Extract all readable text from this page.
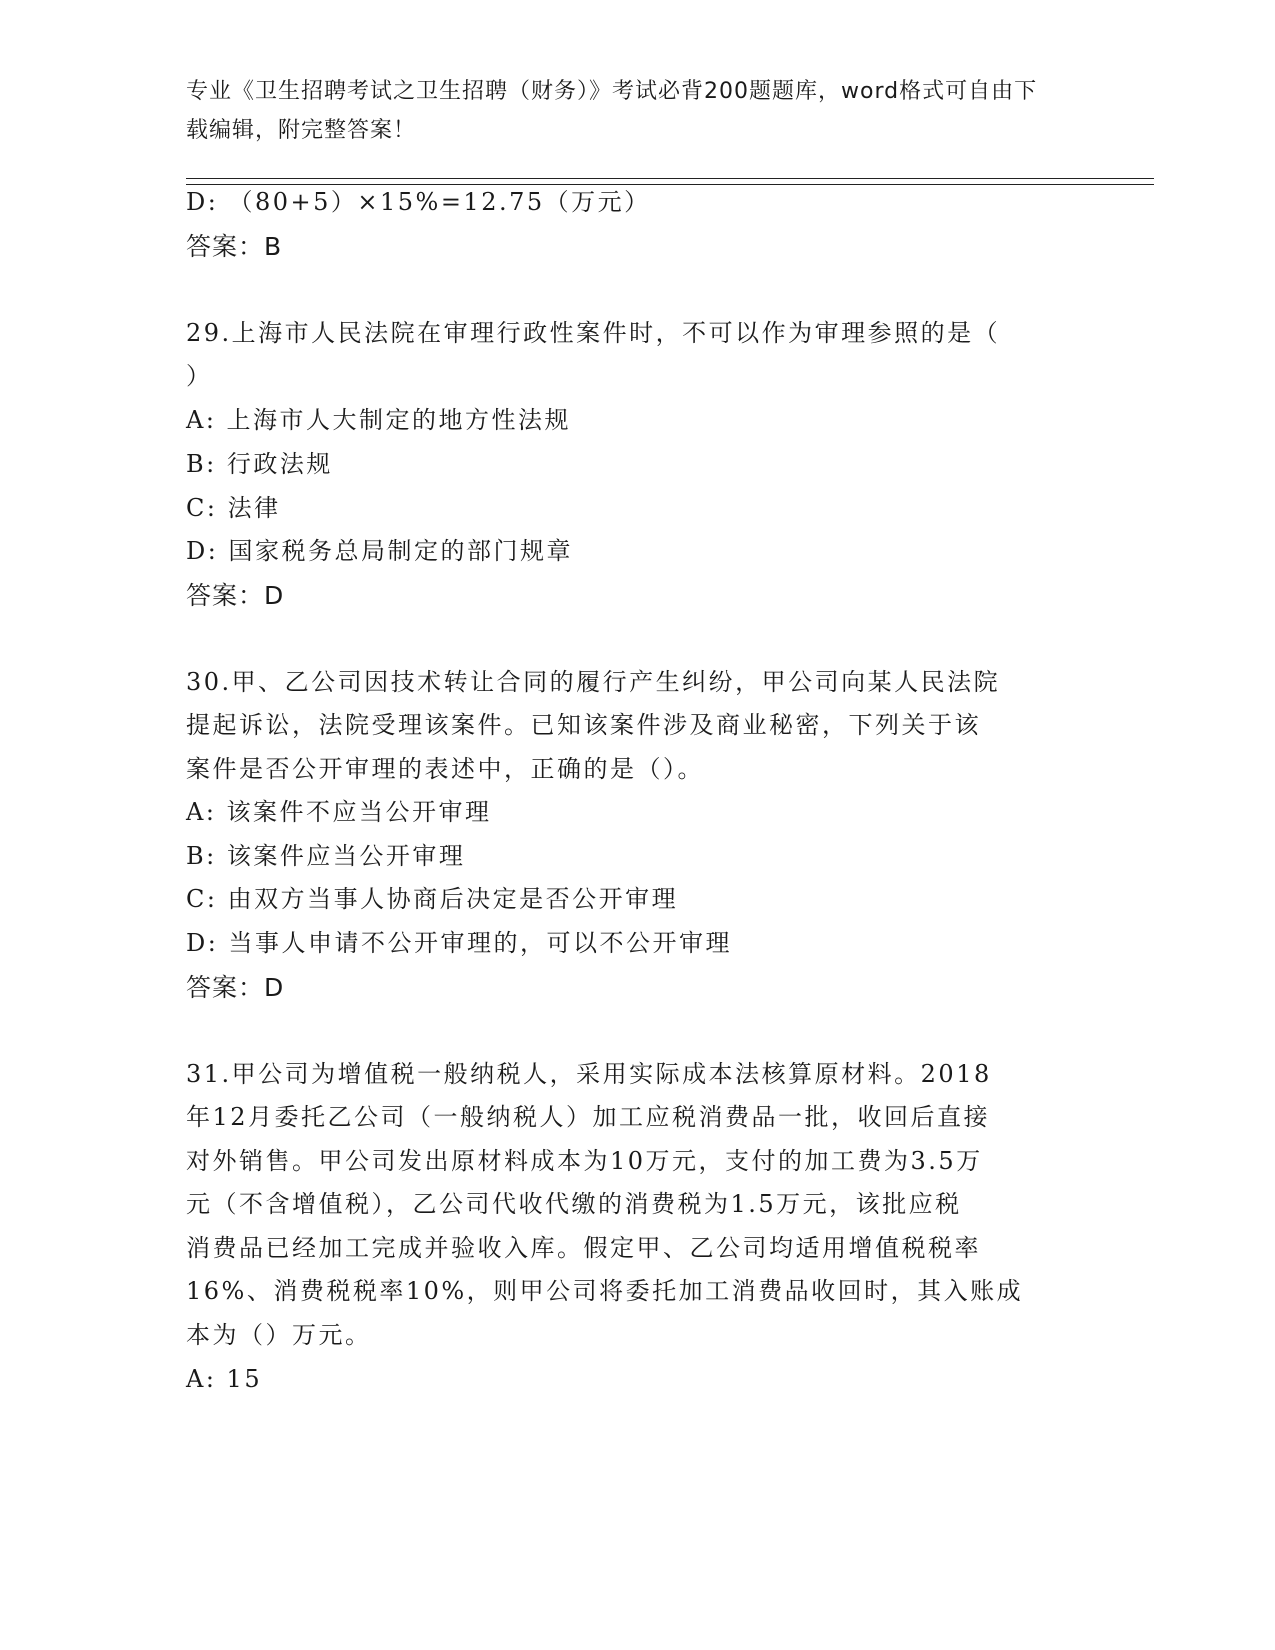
专业《卫生招聘考试之卫生招聘（财务）》考试必背200题题库，word格式可自由下载编辑，附完整答案！

D: （80+5）×15%=12.75（万元）

答案：B

29.上海市人民法院在审理行政性案件时，不可以作为审理参照的是（

）

A: 上海市人大制定的地方性法规

B: 行政法规

C: 法律

D: 国家税务总局制定的部门规章

答案：D

30.甲、乙公司因技术转让合同的履行产生纠纷，甲公司向某人民法院

提起诉讼，法院受理该案件。已知该案件涉及商业秘密，下列关于该

案件是否公开审理的表述中，正确的是（）。

A: 该案件不应当公开审理

B: 该案件应当公开审理

C: 由双方当事人协商后决定是否公开审理

D: 当事人申请不公开审理的，可以不公开审理

答案：D

31.甲公司为增值税一般纳税人，采用实际成本法核算原材料。2018

年12月委托乙公司（一般纳税人）加工应税消费品一批，收回后直接

对外销售。甲公司发出原材料成本为10万元，支付的加工费为3.5万

元（不含增值税），乙公司代收代缴的消费税为1.5万元，该批应税

消费品已经加工完成并验收入库。假定甲、乙公司均适用增值税税率

16%、消费税税率10%，则甲公司将委托加工消费品收回时，其入账成

本为（）万元。

A: 15
